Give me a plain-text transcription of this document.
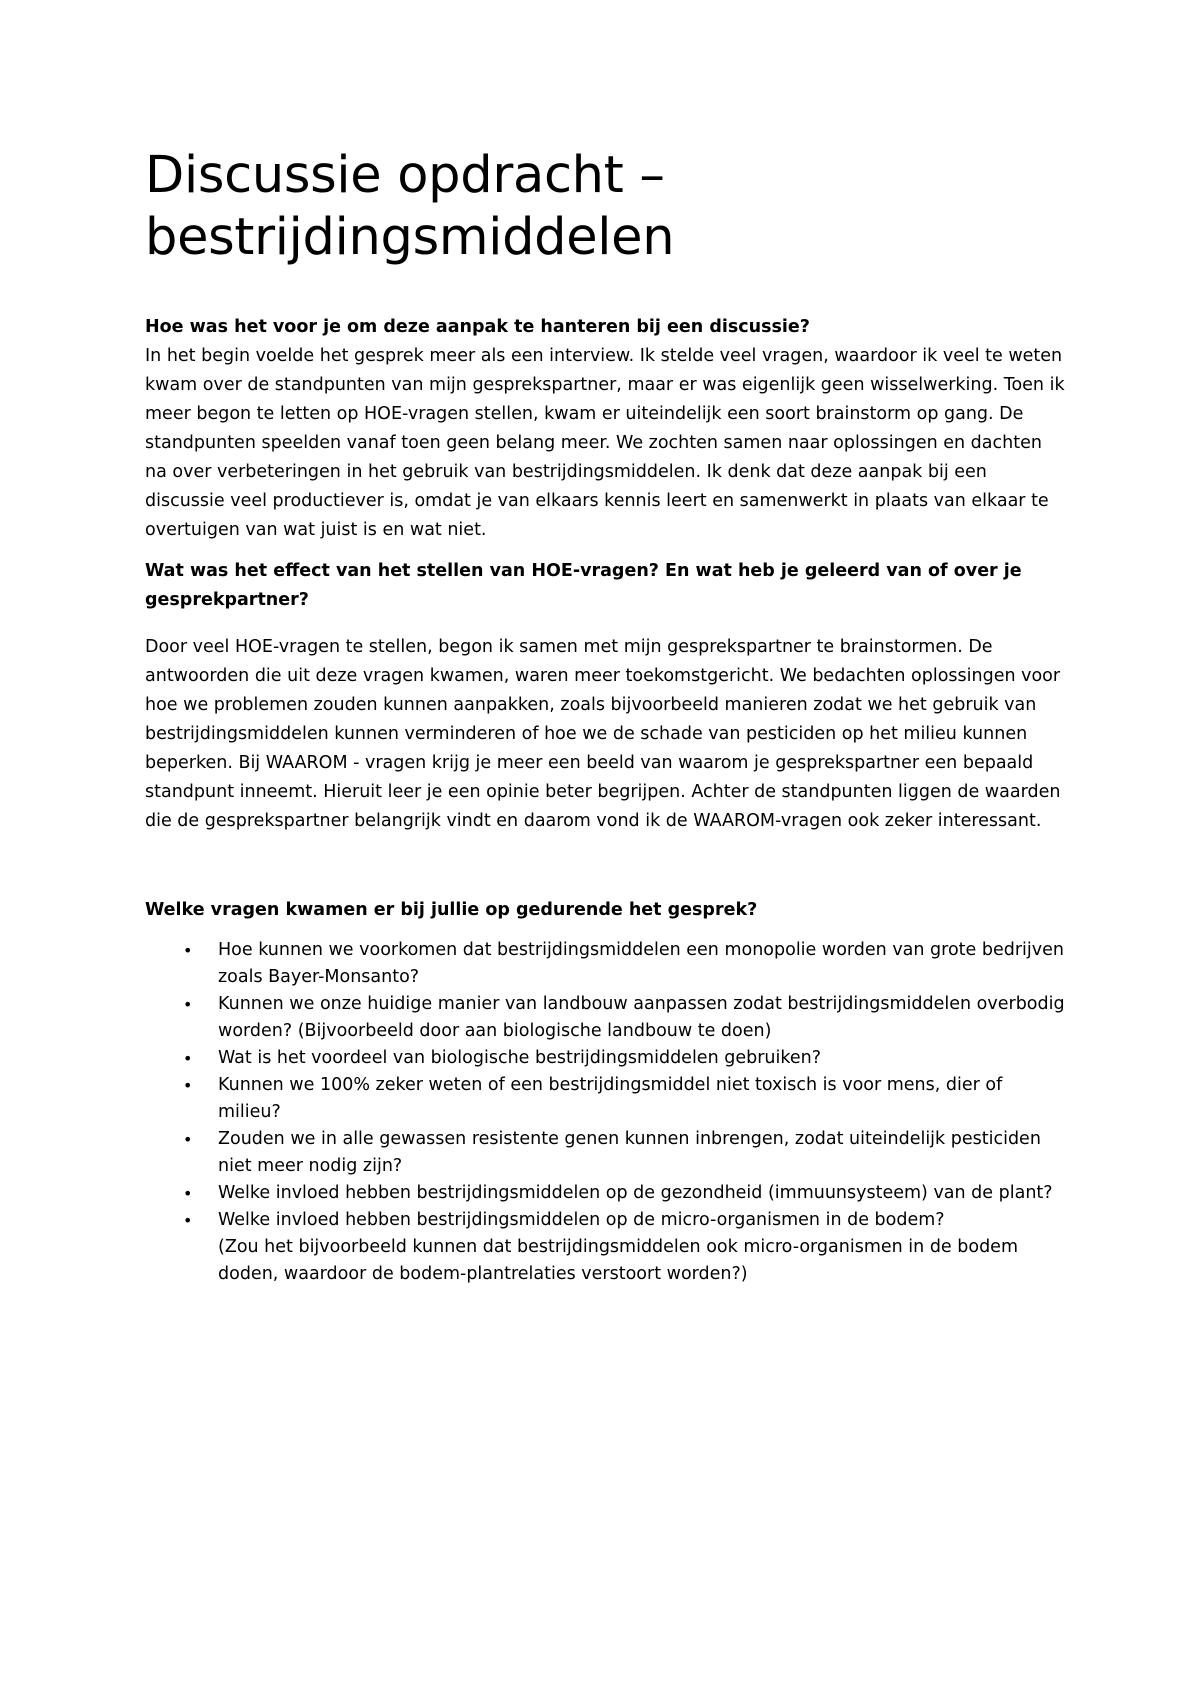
Discussie opdracht –
bestrijdingsmiddelen

Hoe was het voor je om deze aanpak te hanteren bij een discussie?

In het begin voelde het gesprek meer als een interview. Ik stelde veel vragen, waardoor ik veel te weten kwam over de standpunten van mijn gesprekspartner, maar er was eigenlijk geen wisselwerking. Toen ik meer begon te letten op HOE-vragen stellen, kwam er uiteindelijk een soort brainstorm op gang. De standpunten speelden vanaf toen geen belang meer. We zochten samen naar oplossingen en dachten na over verbeteringen in het gebruik van bestrijdingsmiddelen. Ik denk dat deze aanpak bij een discussie veel productiever is, omdat je van elkaars kennis leert en samenwerkt in plaats van elkaar te overtuigen van wat juist is en wat niet.

Wat was het effect van het stellen van HOE-vragen? En wat heb je geleerd van of over je gesprekpartner?

Door veel HOE-vragen te stellen, begon ik samen met mijn gesprekspartner te brainstormen. De antwoorden die uit deze vragen kwamen, waren meer toekomstgericht. We bedachten oplossingen voor hoe we problemen zouden kunnen aanpakken, zoals bijvoorbeeld manieren zodat we het gebruik van bestrijdingsmiddelen kunnen verminderen of hoe we de schade van pesticiden op het milieu kunnen beperken. Bij WAAROM - vragen krijg je meer een beeld van waarom je gesprekspartner een bepaald standpunt inneemt. Hieruit leer je een opinie beter begrijpen. Achter de standpunten liggen de waarden die de gesprekspartner belangrijk vindt en daarom vond ik de WAAROM-vragen ook zeker interessant.

Welke vragen kwamen er bij jullie op gedurende het gesprek?

• Hoe kunnen we voorkomen dat bestrijdingsmiddelen een monopolie worden van grote bedrijven zoals Bayer-Monsanto?
• Kunnen we onze huidige manier van landbouw aanpassen zodat bestrijdingsmiddelen overbodig worden? (Bijvoorbeeld door aan biologische landbouw te doen)
• Wat is het voordeel van biologische bestrijdingsmiddelen gebruiken?
• Kunnen we 100% zeker weten of een bestrijdingsmiddel niet toxisch is voor mens, dier of milieu?
• Zouden we in alle gewassen resistente genen kunnen inbrengen, zodat uiteindelijk pesticiden niet meer nodig zijn?
• Welke invloed hebben bestrijdingsmiddelen op de gezondheid (immuunsysteem) van de plant?
• Welke invloed hebben bestrijdingsmiddelen op de micro-organismen in de bodem?
(Zou het bijvoorbeeld kunnen dat bestrijdingsmiddelen ook micro-organismen in de bodem doden, waardoor de bodem-plantrelaties verstoort worden?)
